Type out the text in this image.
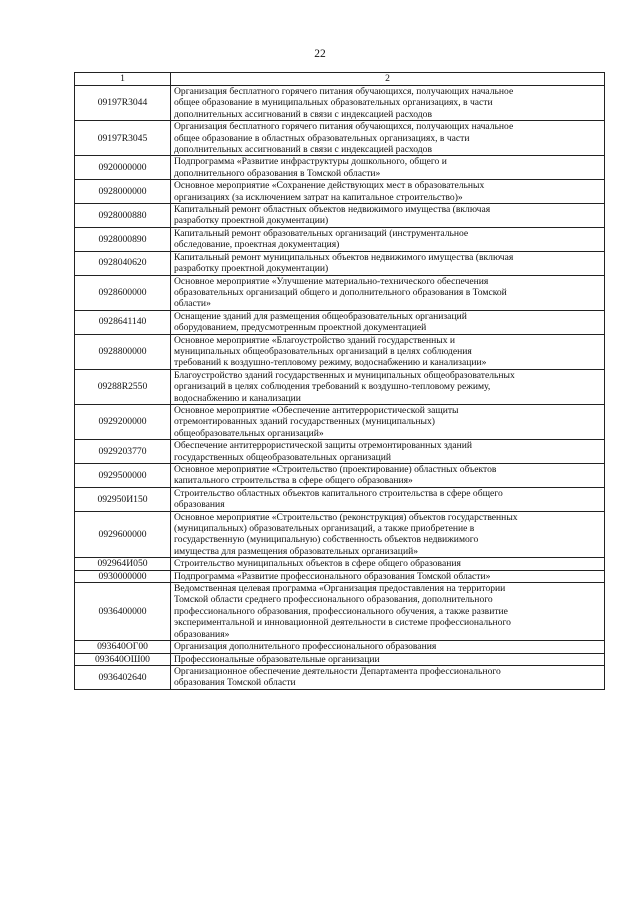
22
1	2
09197R3044	Организация бесплатного горячего питания обучающихся, получающих начальное
общее образование в муниципальных образовательных организациях, в части
дополнительных ассигнований в связи с индексацией расходов

09197R3045	Организация бесплатного горячего питания обучающихся, получающих начальное
общее образование в областных образовательных организациях, в части
дополнительных ассигнований в связи с индексацией расходов

0920000000	Подпрограмма «Развитие инфраструктуры дошкольного, общего и
дополнительного образования в Томской области»

0928000000	Основное мероприятие «Сохранение действующих мест в образовательных
организациях (за исключением затрат на капитальное строительство)»

0928000880	Капитальный ремонт областных объектов недвижимого имущества (включая
разработку проектной документации)

0928000890	Капитальный ремонт образовательных организаций (инструментальное
обследование, проектная документация)

0928040620	Капитальный ремонт муниципальных объектов недвижимого имущества (включая
разработку проектной документации)

0928600000	Основное мероприятие «Улучшение материально-технического обеспечения
образовательных организаций общего и дополнительного образования в Томской
области»

0928641140	Оснащение зданий для размещения общеобразовательных организаций
оборудованием, предусмотренным проектной документацией

0928800000	Основное мероприятие «Благоустройство зданий государственных и
муниципальных общеобразовательных организаций в целях соблюдения
требований к воздушно-тепловому режиму, водоснабжению и канализации»

09288R2550	Благоустройство зданий государственных и муниципальных общеобразовательных
организаций в целях соблюдения требований к воздушно-тепловому режиму,
водоснабжению и канализации

0929200000	Основное мероприятие «Обеспечение антитеррористической защиты
отремонтированных зданий государственных (муниципальных)
общеобразовательных организаций»

0929203770	Обеспечение антитеррористической защиты отремонтированных зданий
государственных общеобразовательных организаций

0929500000	Основное мероприятие «Строительство (проектирование) областных объектов
капитального строительства в сфере общего образования»

092950И150	Строительство областных объектов капитального строительства в сфере общего
образования

0929600000	Основное мероприятие «Строительство (реконструкция) объектов государственных
(муниципальных) образовательных организаций, а также приобретение в
государственную (муниципальную) собственность объектов недвижимого
имущества для размещения образовательных организаций»

092964И050	Строительство муниципальных объектов в сфере общего образования

0930000000	Подпрограмма «Развитие профессионального образования Томской области»

0936400000	Ведомственная целевая программа «Организация предоставления на территории
Томской области среднего профессионального образования, дополнительного
профессионального образования, профессионального обучения, а также развитие
экспериментальной и инновационной деятельности в системе профессионального
образования»

093640ОГ00	Организация дополнительного профессионального образования

093640ОШ00	Профессиональные образовательные организации

0936402640	Организационное обеспечение деятельности Департамента профессионального
образования Томской области
